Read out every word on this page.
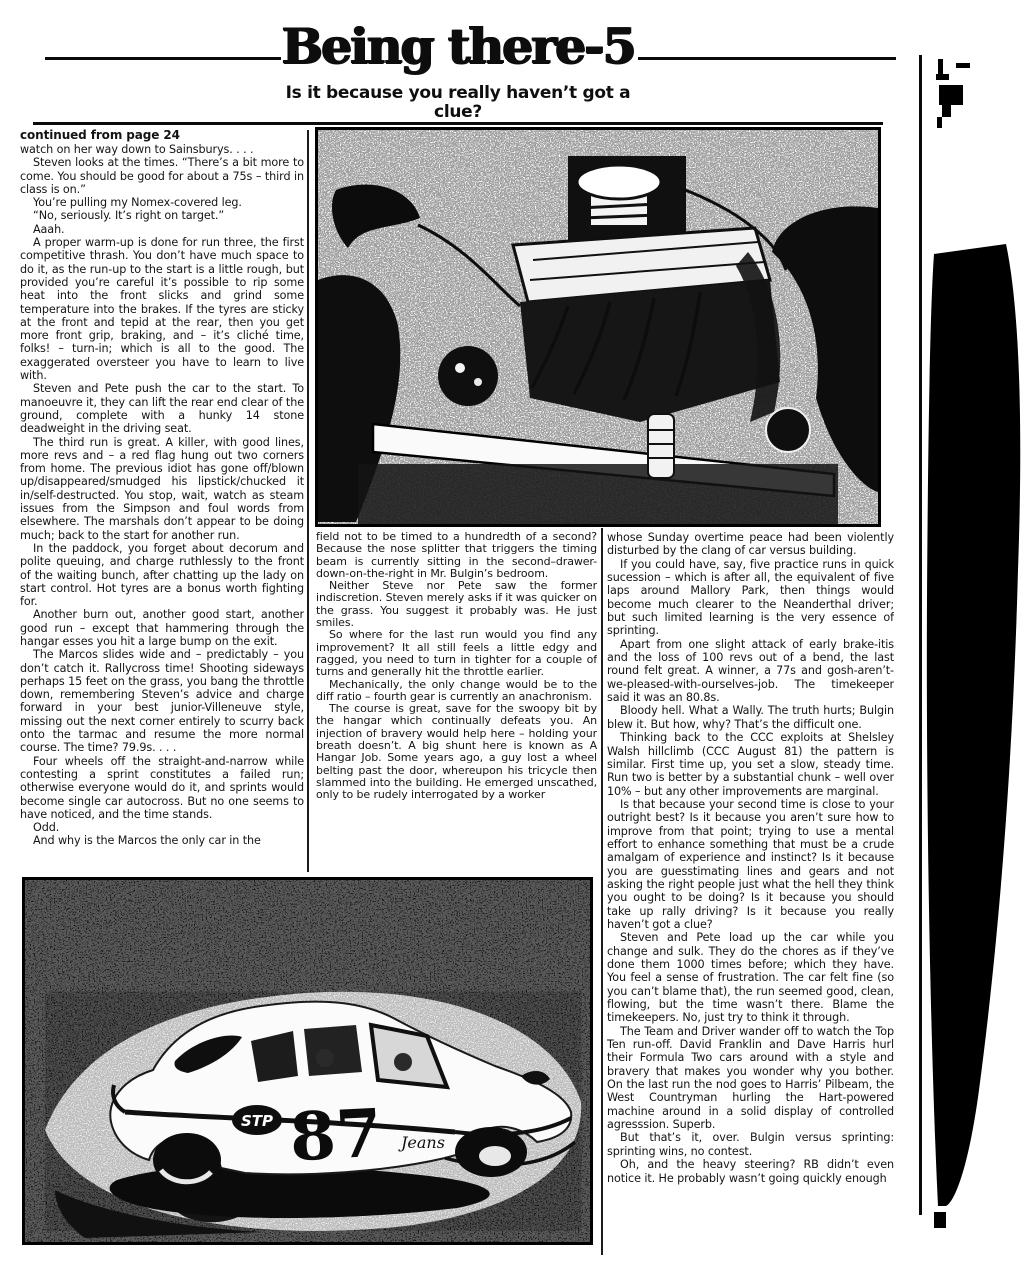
Being there-5
Is it because you really haven’t got a
clue?
STP 87 Jeans
continued from page 24

watch on her way down to Sainsburys. . . .

Steven looks at the times. “There’s a bit more to come. You should be good for about a 75s – third in class is on.”

You’re pulling my Nomex-covered leg.

“No, seriously. It’s right on target.”

Aaah.

A proper warm-up is done for run three, the first competitive thrash. You don’t have much space to do it, as the run-up to the start is a little rough, but provided you’re careful it’s possible to rip some heat into the front slicks and grind some temperature into the brakes. If the tyres are sticky at the front and tepid at the rear, then you get more front grip, braking, and – it’s cliché time, folks! – turn-in; which is all to the good. The exaggerated oversteer you have to learn to live with.

Steven and Pete push the car to the start. To manoeuvre it, they can lift the rear end clear of the ground, complete with a hunky 14 stone deadweight in the driving seat.

The third run is great. A killer, with good lines, more revs and – a red flag hung out two corners from home. The previous idiot has gone off/blown up/disappeared/smudged his lipstick/chucked it in/self-destructed. You stop, wait, watch as steam issues from the Simpson and foul words from elsewhere. The marshals don’t appear to be doing much; back to the start for another run.

In the paddock, you forget about decorum and polite queuing, and charge ruthlessly to the front of the waiting bunch, after chatting up the lady on start control. Hot tyres are a bonus worth fighting for.

Another burn out, another good start, another good run – except that hammering through the hangar esses you hit a large bump on the exit.

The Marcos slides wide and – predictably – you don’t catch it. Rallycross time! Shooting sideways perhaps 15 feet on the grass, you bang the throttle down, remembering Steven’s advice and charge forward in your best junior-Villeneuve style, missing out the next corner entirely to scurry back onto the tarmac and resume the more normal course. The time? 79.9s. . . .

Four wheels off the straight-and-narrow while contesting a sprint constitutes a failed run; otherwise everyone would do it, and sprints would become single car autocross. But no one seems to have noticed, and the time stands.

Odd.

And why is the Marcos the only car in the

field not to be timed to a hundredth of a second? Because the nose splitter that triggers the timing beam is currently sitting in the second–drawer-down-on-the-right in Mr. Bulgin’s bedroom.

Neither Steve nor Pete saw the former indiscretion. Steven merely asks if it was quicker on the grass. You suggest it probably was. He just smiles.

So where for the last run would you find any improvement? It all still feels a little edgy and ragged, you need to turn in tighter for a couple of turns and generally hit the throttle earlier.

Mechanically, the only change would be to the diff ratio – fourth gear is currently an anachronism.

The course is great, save for the swoopy bit by the hangar which continually defeats you. An injection of bravery would help here – holding your breath doesn’t. A big shunt here is known as A Hangar Job. Some years ago, a guy lost a wheel belting past the door, whereupon his tricycle then slammed into the building. He emerged unscathed, only to be rudely interrogated by a worker

whose Sunday overtime peace had been violently disturbed by the clang of car versus building.

If you could have, say, five practice runs in quick sucession – which is after all, the equivalent of five laps around Mallory Park, then things would become much clearer to the Neanderthal driver; but such limited learning is the very essence of sprinting.

Apart from one slight attack of early brake-itis and the loss of 100 revs out of a bend, the last round felt great. A winner, a 77s and gosh-aren’t-we-pleased-with-ourselves-job. The timekeeper said it was an 80.8s.

Bloody hell. What a Wally. The truth hurts; Bulgin blew it. But how, why? That’s the difficult one.

Thinking back to the CCC exploits at Shelsley Walsh hillclimb (CCC August 81) the pattern is similar. First time up, you set a slow, steady time. Run two is better by a substantial chunk – well over 10% – but any other improvements are marginal.

Is that because your second time is close to your outright best? Is it because you aren’t sure how to improve from that point; trying to use a mental effort to enhance something that must be a crude amalgam of experience and instinct? Is it because you are guesstimating lines and gears and not asking the right people just what the hell they think you ought to be doing? Is it because you should take up rally driving? Is it because you really haven’t got a clue?

Steven and Pete load up the car while you change and sulk. They do the chores as if they’ve done them 1000 times before; which they have. You feel a sense of frustration. The car felt fine (so you can’t blame that), the run seemed good, clean, flowing, but the time wasn’t there. Blame the timekeepers. No, just try to think it through.

The Team and Driver wander off to watch the Top Ten run-off. David Franklin and Dave Harris hurl their Formula Two cars around with a style and bravery that makes you wonder why you bother. On the last run the nod goes to Harris’ Pilbeam, the West Countryman hurling the Hart-powered machine around in a solid display of controlled agresssion. Superb.

But that’s it, over. Bulgin versus sprinting: sprinting wins, no contest.

Oh, and the heavy steering? RB didn’t even notice it. He probably wasn’t going quickly enough
